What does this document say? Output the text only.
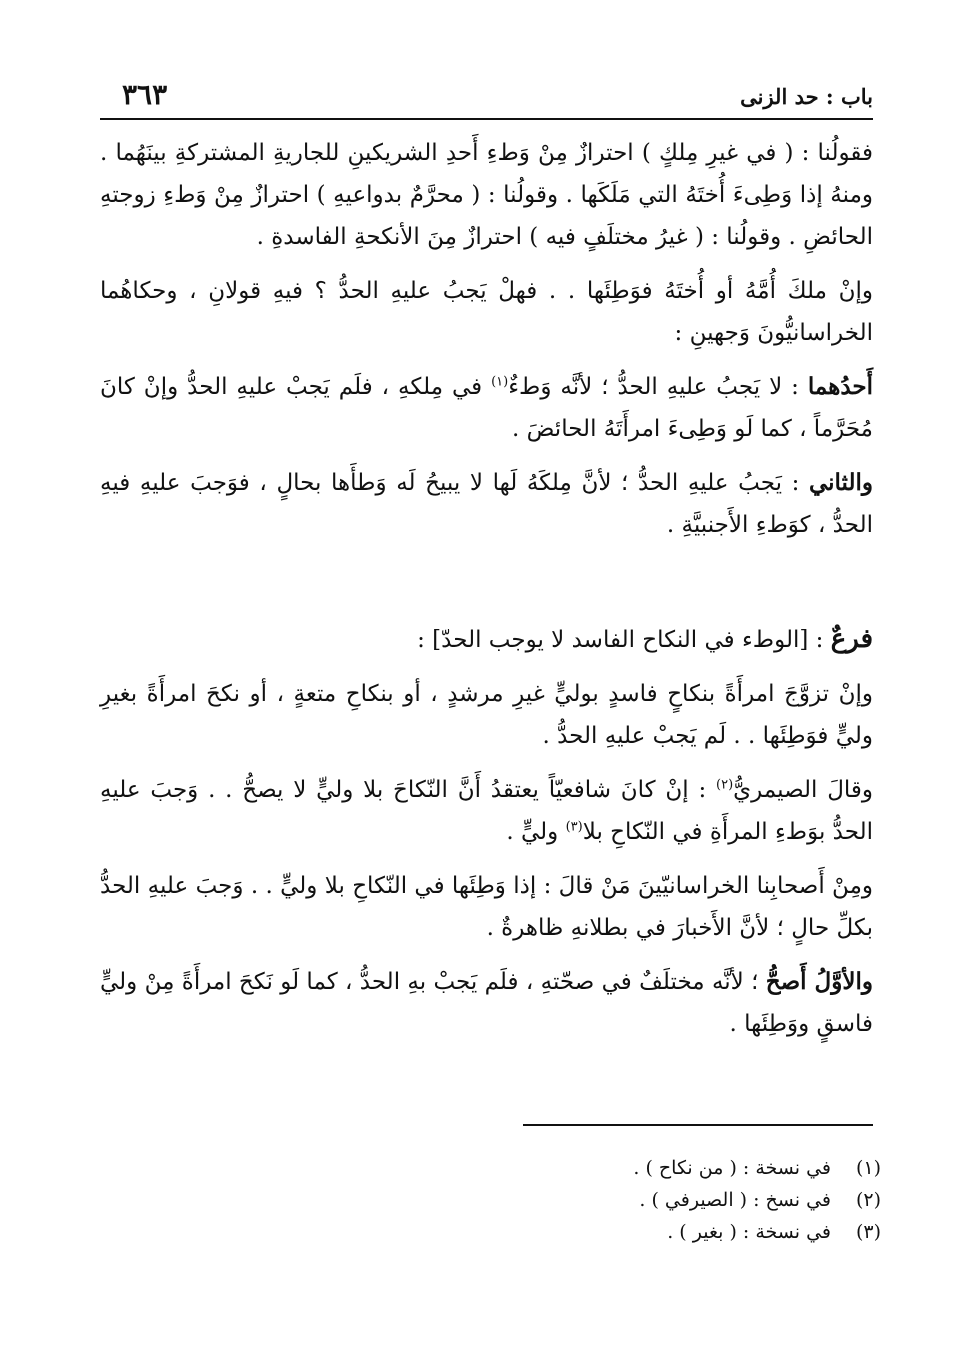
باب : حد الزنى
٣٦٣

فقولُنا : ( في غيرِ مِلكٍ ) احترازٌ مِنْ وَطءِ أَحدِ الشريكينِ للجاريةِ المشتركةِ بينَهُما . ومنهُ إذا وَطِىءَ أُختَهُ التي مَلَكَها . وقولُنا : ( محرَّمٌ بدواعيهِ ) احترازٌ مِنْ وَطءِ زوجتهِ الحائضِ . وقولُنا : ( غيرُ مختلَفٍ فيه ) احترازٌ مِنَ الأنكحةِ الفاسدةِ .

وإنْ ملكَ أُمَّهُ أو أُختَهُ فوَطِئَها . . فهلْ يَجبُ عليهِ الحدُّ ؟ فيهِ قولانِ ، وحكاهُما الخراسانيُّونَ وَجهينِ :

أَحدُهما : لا يَجبُ عليهِ الحدُّ ؛ لأنَّه وَطءٌ$^{(١)}$ في مِلكهِ ، فلَم يَجبْ عليهِ الحدُّ وإنْ كانَ مُحَرَّماً ، كما لَو وَطِىءَ امرأَتَهُ الحائضَ .

والثاني : يَجبُ عليهِ الحدُّ ؛ لأنَّ مِلكَهُ لَها لا يبيحُ لَه وَطأَها بحالٍ ، فوَجبَ عليهِ فيهِ الحدُّ ، كوَطءِ الأَجنبيَّةِ .

فرعٌ : [الوطء في النكاح الفاسد لا يوجب الحدّ] :

وإنْ تزوَّجَ امرأَةً بنكاحٍ فاسدٍ بوليٍّ غيرِ مرشدٍ ، أو بنكاحِ متعةٍ ، أو نكحَ امرأَةً بغيرِ وليٍّ فوَطِئَها . . لَم يَجبْ عليهِ الحدُّ .

وقالَ الصيمريُّ$^{(٢)}$ : إنْ كانَ شافعيّاً يعتقدُ أَنَّ النّكاحَ بلا وليٍّ لا يصحُّ . . وَجبَ عليهِ الحدُّ بوَطءِ المرأَةِ في النّكاحِ بلا$^{(٣)}$ وليٍّ .

ومِنْ أَصحابِنا الخراسانيّينَ مَنْ قالَ : إذا وَطِئَها في النّكاحِ بلا وليٍّ . . وَجبَ عليهِ الحدُّ بكلِّ حالٍ ؛ لأنَّ الأَخبارَ في بطلانهِ ظاهرةٌ .

والأوَّلُ أَصحُّ ؛ لأنَّه مختلَفٌ في صحّتهِ ، فلَم يَجبْ بهِ الحدُّ ، كما لَو نَكحَ امرأَةً مِنْ وليٍّ فاسقٍ ووَطِئَها .

(١)
في نسخة : ( من نكاح ) .
(٢)
في نسخ : ( الصيرفي ) .
(٣)
في نسخة : ( بغير ) .
